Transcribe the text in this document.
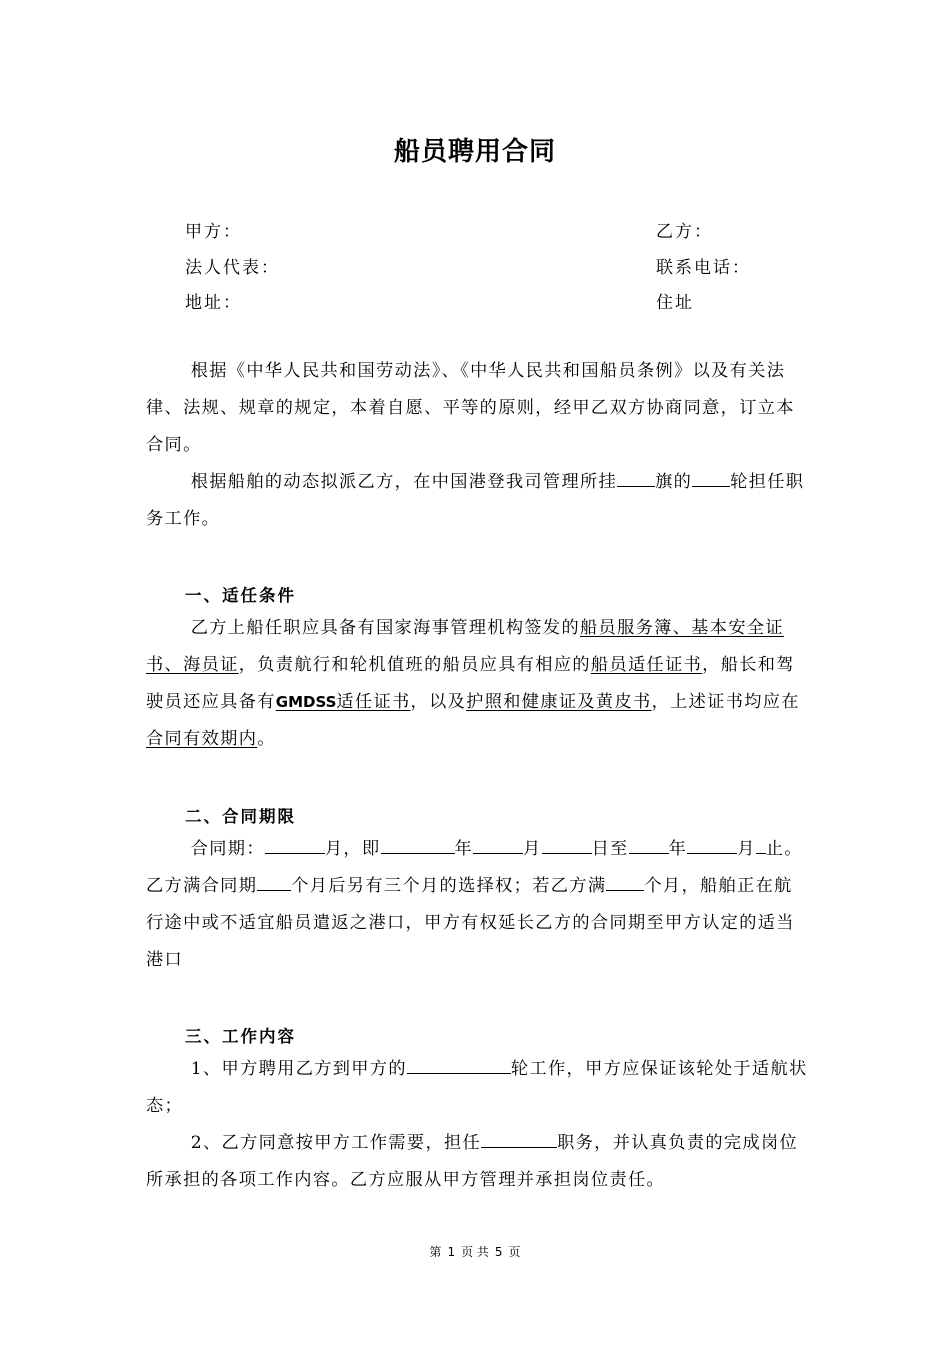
船员聘用合同
甲方：	乙方：
法人代表：	联系电话：
地址：	住址

根据《中华人民共和国劳动法》、《中华人民共和国船员条例》以及有关法律、法规、规章的规定，本着自愿、平等的原则，经甲乙双方协商同意，订立本合同。

根据船舶的动态拟派乙方，在中国港登我司管理所挂 旗的 轮担任职务工作。

一、适任条件

乙方上船任职应具备有国家海事管理机构签发的船员服务簿、基本安全证书、海员证，负责航行和轮机值班的船员应具有相应的船员适任证书，船长和驾驶员还应具备有GMDSS适任证书，以及护照和健康证及黄皮书，上述证书均应在合同有效期内。

二、合同期限

合同期：	月，即	年	月	日至 年	月 止。乙方满合同期 个月后另有三个月的选择权；若乙方满 个月，船舶正在航行途中或不适宜船员遣返之港口，甲方有权延长乙方的合同期至甲方认定的适当港口

三、工作内容

1、甲方聘用乙方到甲方的	轮工作，甲方应保证该轮处于适航状态；

2、乙方同意按甲方工作需要，担任	职务，并认真负责的完成岗位所承担的各项工作内容。乙方应服从甲方管理并承担岗位责任。

第 1 页 共 5 页
